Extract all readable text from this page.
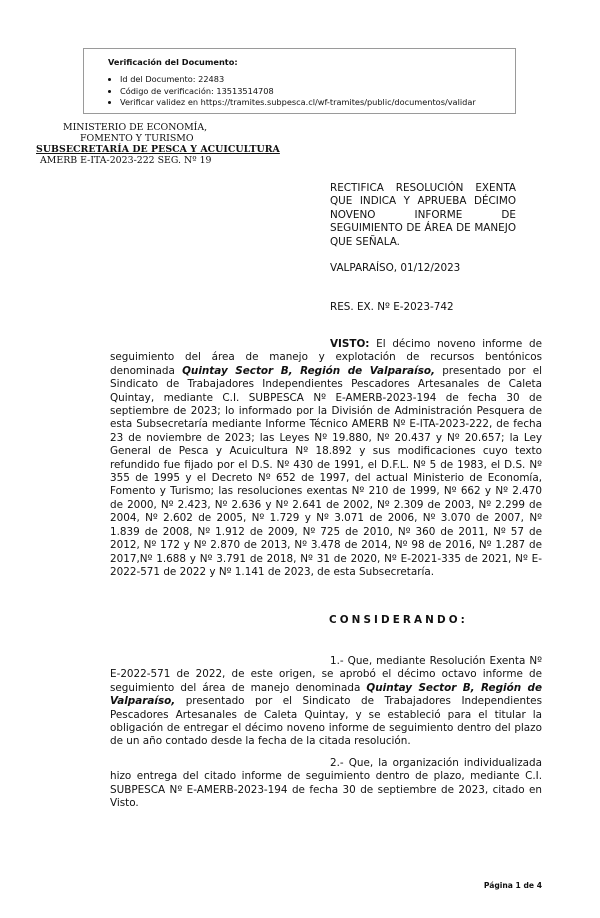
Verificación del Documento:
• Id del Documento: 22483
• Código de verificación: 13513514708
• Verificar validez en https://tramites.subpesca.cl/wf-tramites/public/documentos/validar
MINISTERIO DE ECONOMÍA,
FOMENTO Y TURISMO
SUBSECRETARÍA DE PESCA Y ACUICULTURA
AMERB E-ITA-2023-222 SEG. Nº 19
RECTIFICA RESOLUCIÓN EXENTA QUE INDICA Y APRUEBA DÉCIMO NOVENO INFORME DE SEGUIMIENTO DE ÁREA DE MANEJO QUE SEÑALA.
VALPARAÍSO, 01/12/2023
RES. EX. Nº E-2023-742
VISTO: El décimo noveno informe de seguimiento del área de manejo y explotación de recursos bentónicos denominada Quintay Sector B, Región de Valparaíso, presentado por el Sindicato de Trabajadores Independientes Pescadores Artesanales de Caleta Quintay, mediante C.I. SUBPESCA Nº E-AMERB-2023-194 de fecha 30 de septiembre de 2023; lo informado por la División de Administración Pesquera de esta Subsecretaría mediante Informe Técnico AMERB Nº E-ITA-2023-222, de fecha 23 de noviembre de 2023; las Leyes Nº 19.880, Nº 20.437 y Nº 20.657; la Ley General de Pesca y Acuicultura Nº 18.892 y sus modificaciones cuyo texto refundido fue fijado por el D.S. Nº 430 de 1991, el D.F.L. Nº 5 de 1983, el D.S. Nº 355 de 1995 y el Decreto Nº 652 de 1997, del actual Ministerio de Economía, Fomento y Turismo; las resoluciones exentas Nº 210 de 1999, Nº 662 y Nº 2.470 de 2000, Nº 2.423, Nº 2.636 y Nº 2.641 de 2002, Nº 2.309 de 2003, Nº 2.299 de 2004, Nº 2.602 de 2005, Nº 1.729 y Nº 3.071 de 2006, Nº 3.070 de 2007, Nº 1.839 de 2008, Nº 1.912 de 2009, Nº 725 de 2010, Nº 360 de 2011, Nº 57 de 2012, Nº 172 y Nº 2.870 de 2013, Nº 3.478 de 2014, Nº 98 de 2016, Nº 1.287 de 2017,Nº 1.688 y Nº 3.791 de 2018, Nº 31 de 2020, Nº E-2021-335 de 2021, Nº E-2022-571 de 2022 y Nº 1.141 de 2023, de esta Subsecretaría.
CONSIDERANDO:
1.- Que, mediante Resolución Exenta Nº E-2022-571 de 2022, de este origen, se aprobó el décimo octavo informe de seguimiento del área de manejo denominada Quintay Sector B, Región de Valparaíso, presentado por el Sindicato de Trabajadores Independientes Pescadores Artesanales de Caleta Quintay, y se estableció para el titular la obligación de entregar el décimo noveno informe de seguimiento dentro del plazo de un año contado desde la fecha de la citada resolución.
2.- Que, la organización individualizada hizo entrega del citado informe de seguimiento dentro de plazo, mediante C.I. SUBPESCA Nº E-AMERB-2023-194 de fecha 30 de septiembre de 2023, citado en Visto.
Página 1 de 4
